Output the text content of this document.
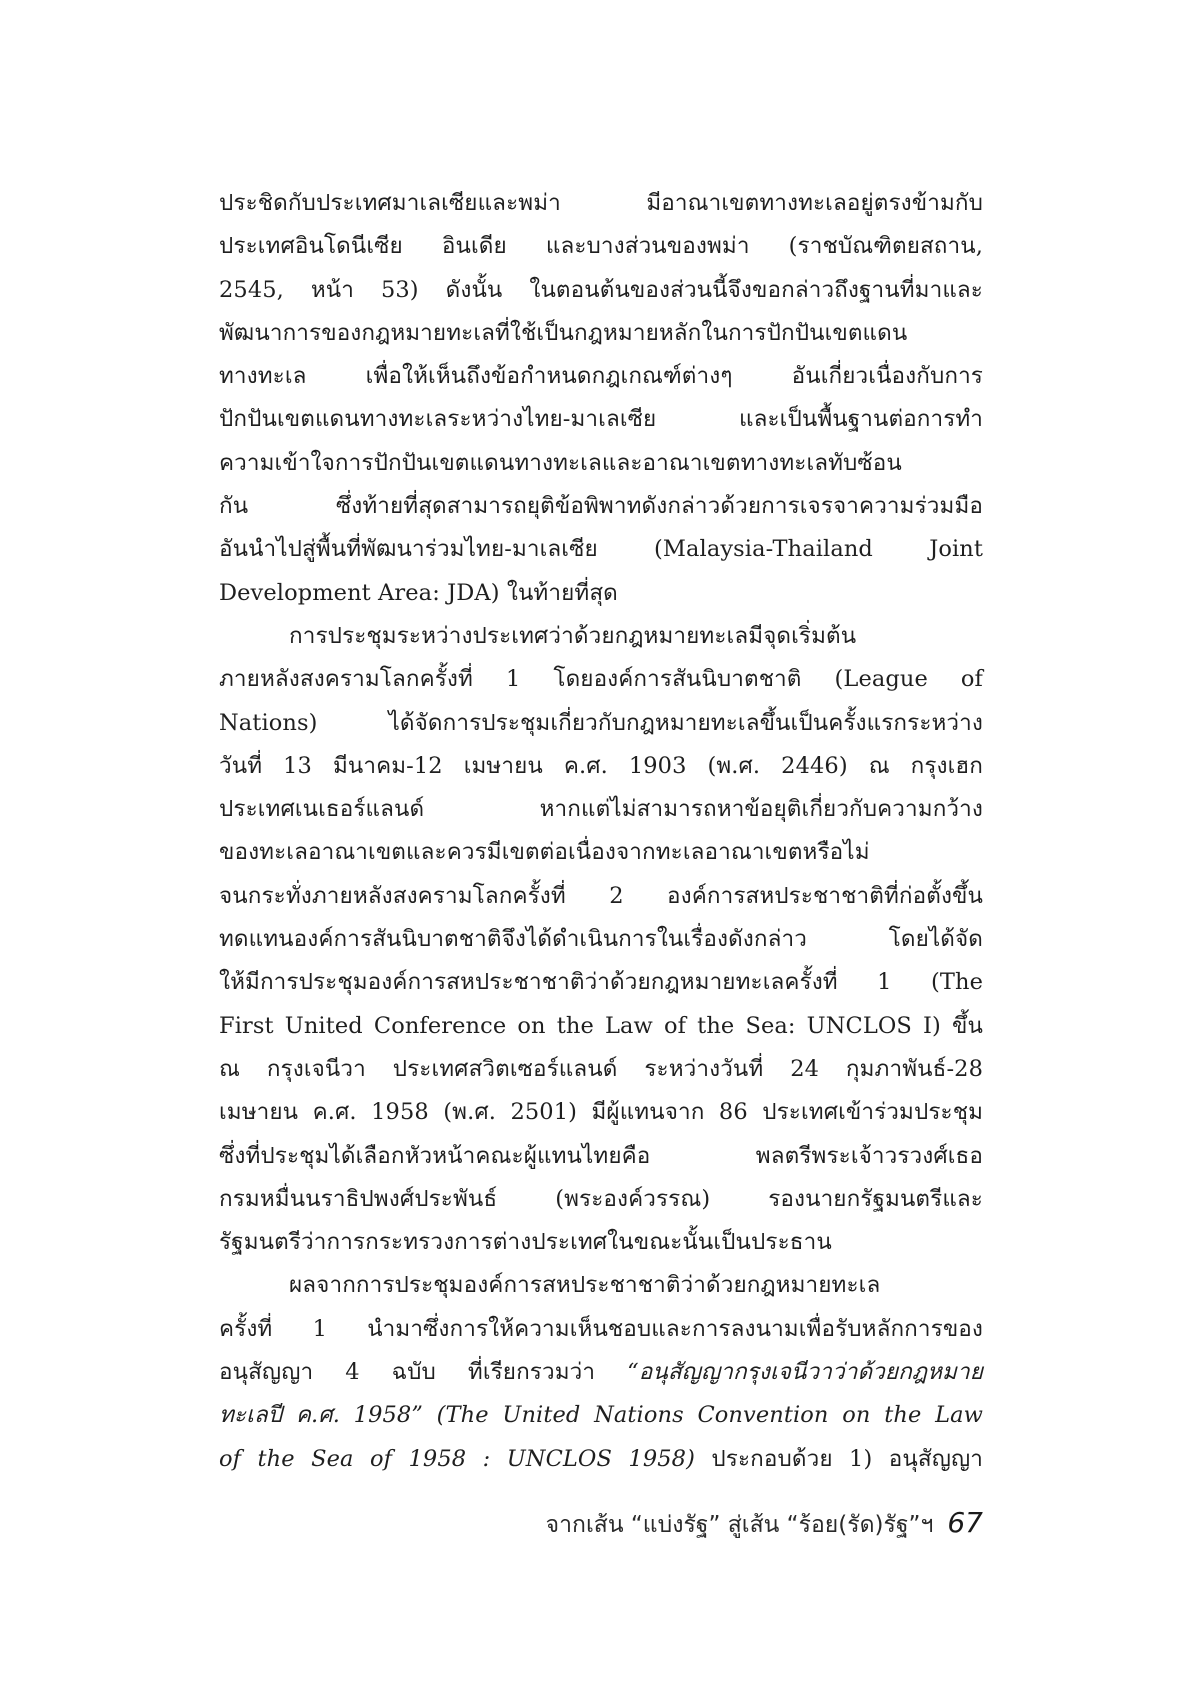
ประชิดกับประเทศมาเลเซียและพม่า มีอาณาเขตทางทะเลอยู่ตรงข้ามกับ
ประเทศอินโดนีเซีย อินเดีย และบางส่วนของพม่า (ราชบัณฑิตยสถาน,
2545, หน้า 53) ดังนั้น ในตอนต้นของส่วนนี้จึงขอกล่าวถึงฐานที่มาและ
พัฒนาการของกฎหมายทะเลที่ใช้เป็นกฎหมายหลักในการปักปันเขตแดน
ทางทะเล เพื่อให้เห็นถึงข้อกำหนดกฎเกณฑ์ต่างๆ อันเกี่ยวเนื่องกับการ
ปักปันเขตแดนทางทะเลระหว่างไทย-มาเลเซีย และเป็นพื้นฐานต่อการทำ
ความเข้าใจการปักปันเขตแดนทางทะเลและอาณาเขตทางทะเลทับซ้อน
กัน ซึ่งท้ายที่สุดสามารถยุติข้อพิพาทดังกล่าวด้วยการเจรจาความร่วมมือ
อันนำไปสู่พื้นที่พัฒนาร่วมไทย-มาเลเซีย (Malaysia-Thailand Joint
Development Area: JDA) ในท้ายที่สุด
การประชุมระหว่างประเทศว่าด้วยกฎหมายทะเลมีจุดเริ่มต้น
ภายหลังสงครามโลกครั้งที่ 1 โดยองค์การสันนิบาตชาติ (League of
Nations) ได้จัดการประชุมเกี่ยวกับกฎหมายทะเลขึ้นเป็นครั้งแรกระหว่าง
วันที่ 13 มีนาคม-12 เมษายน ค.ศ. 1903 (พ.ศ. 2446) ณ กรุงเฮก
ประเทศเนเธอร์แลนด์ หากแต่ไม่สามารถหาข้อยุติเกี่ยวกับความกว้าง
ของทะเลอาณาเขตและควรมีเขตต่อเนื่องจากทะเลอาณาเขตหรือไม่
จนกระทั่งภายหลังสงครามโลกครั้งที่ 2 องค์การสหประชาชาติที่ก่อตั้งขึ้น
ทดแทนองค์การสันนิบาตชาติจึงได้ดำเนินการในเรื่องดังกล่าว โดยได้จัด
ให้มีการประชุมองค์การสหประชาชาติว่าด้วยกฎหมายทะเลครั้งที่ 1 (The
First United Conference on the Law of the Sea: UNCLOS I) ขึ้น
ณ กรุงเจนีวา ประเทศสวิตเซอร์แลนด์ ระหว่างวันที่ 24 กุมภาพันธ์-28
เมษายน ค.ศ. 1958 (พ.ศ. 2501) มีผู้แทนจาก 86 ประเทศเข้าร่วมประชุม
ซึ่งที่ประชุมได้เลือกหัวหน้าคณะผู้แทนไทยคือ พลตรีพระเจ้าวรวงศ์เธอ
กรมหมื่นนราธิปพงศ์ประพันธ์ (พระองค์วรรณ) รองนายกรัฐมนตรีและ
รัฐมนตรีว่าการกระทรวงการต่างประเทศในขณะนั้นเป็นประธาน
ผลจากการประชุมองค์การสหประชาชาติว่าด้วยกฎหมายทะเล
ครั้งที่ 1 นำมาซึ่งการให้ความเห็นชอบและการลงนามเพื่อรับหลักการของ
อนุสัญญา 4 ฉบับ ที่เรียกรวมว่า “อนุสัญญากรุงเจนีวาว่าด้วยกฎหมาย
ทะเลปี ค.ศ. 1958” (The United Nations Convention on the Law
of the Sea of 1958 : UNCLOS 1958) ประกอบด้วย 1) อนุสัญญา
จากเส้น “แบ่งรัฐ” สู่เส้น “ร้อย(รัด)รัฐ”ฯ 67
